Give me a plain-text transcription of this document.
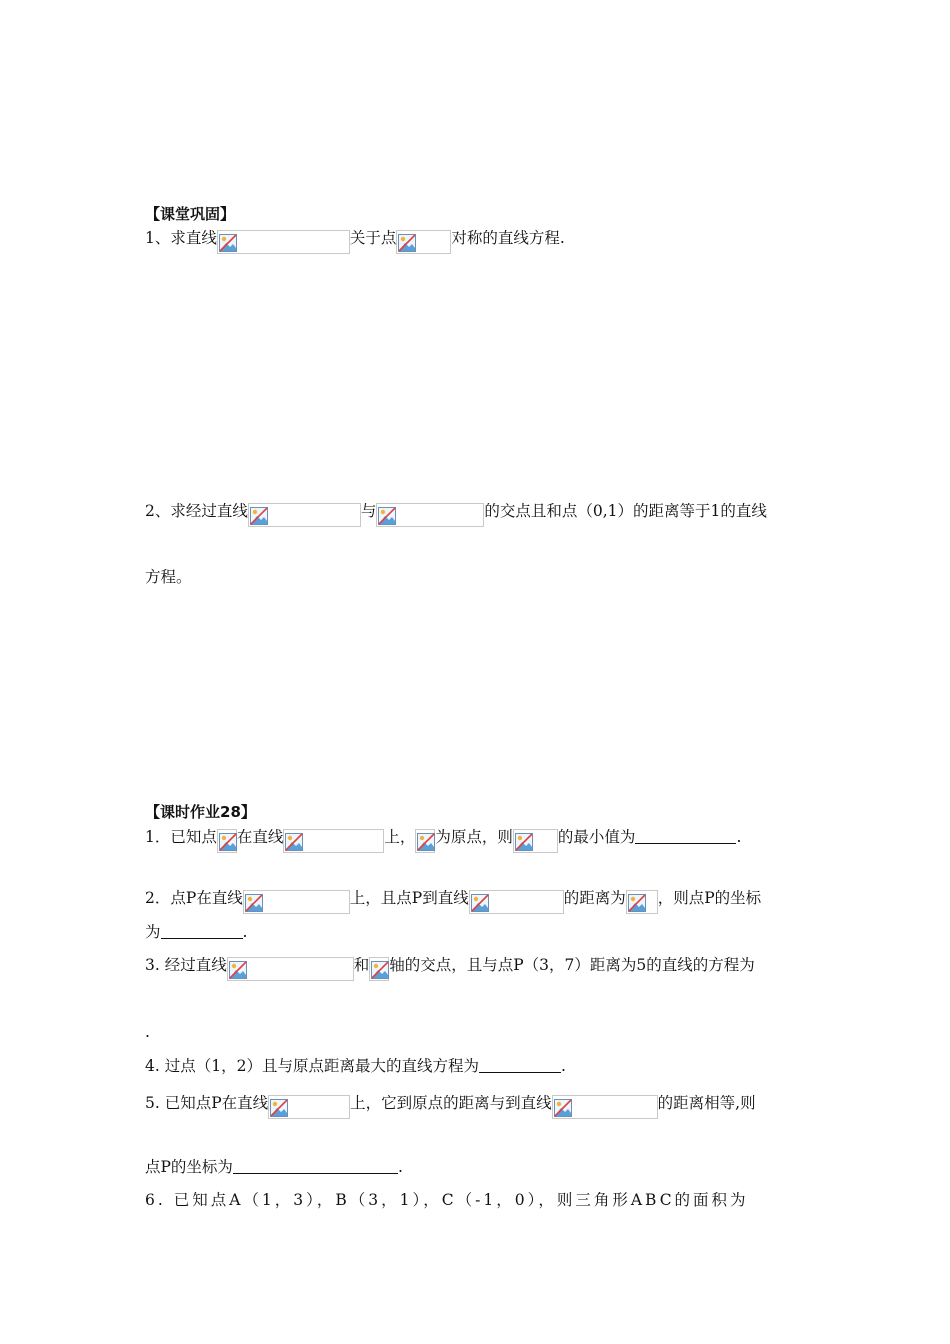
【课堂巩固】
1、求直线	关于点	对称的直线方程.
2、求经过直线	与	的交点且和点（0,1）的距离等于1的直线
方程。
【课时作业28】
1．已知点 在直线	上， 为原点，则	的最小值为	.
2．点P在直线	上，且点P到直线	的距离为 ，则点P的坐标
为	.
3. 经过直线	和 轴的交点，且与点P（3，7）距离为5的直线的方程为
.
4. 过点（1，2）且与原点距离最大的直线方程为	.
5. 已知点P在直线	上，它到原点的距离与到直线	的距离相等,则
点P的坐标为	.
6. 已知点A（1，3），B（3，1），C（-1，0），则三角形ABC的面积为
